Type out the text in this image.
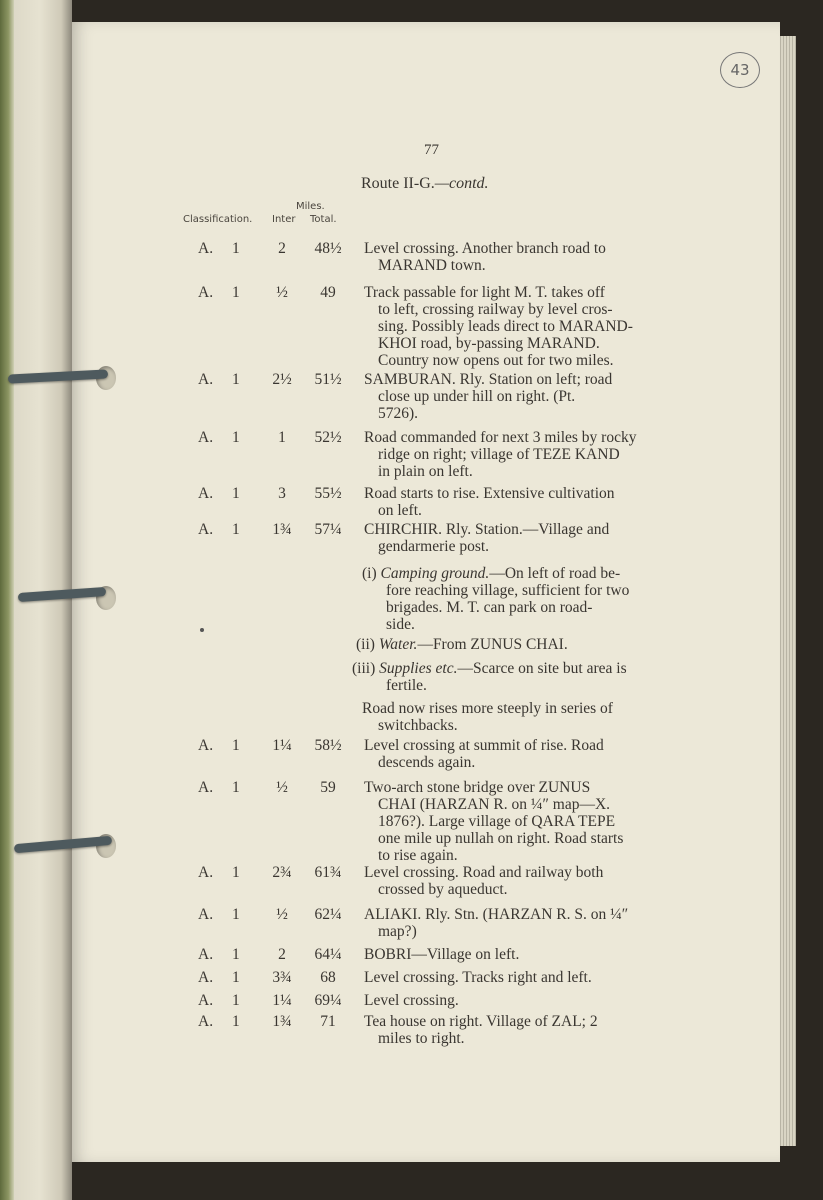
43
77
Route II-G.—contd.
Miles.
Classification. Inter Total.
A. 1	2	48½	Level crossing. Another branch road to
MARAND town.
A. 1	½	49	Track passable for light M. T. takes off
to left, crossing railway by level cros-
sing. Possibly leads direct to MARAND-
KHOI road, by-passing MARAND.
Country now opens out for two miles.
A. 1	2½	51½	SAMBURAN. Rly. Station on left; road
close up under hill on right. (Pt.
5726).
A. 1	1	52½	Road commanded for next 3 miles by rocky
ridge on right; village of TEZE KAND
in plain on left.
A. 1	3	55½	Road starts to rise. Extensive cultivation
on left.
A. 1	1¾	57¼	CHIRCHIR. Rly. Station.—Village and
gendarmerie post.
A. 1	1¼	58½	Level crossing at summit of rise. Road
descends again.
A. 1	½	59	Two-arch stone bridge over ZUNUS
CHAI (HARZAN R. on ¼″ map—X.
1876?). Large village of QARA TEPE
one mile up nullah on right. Road starts
to rise again.
A. 1	2¾	61¾	Level crossing. Road and railway both
crossed by aqueduct.
A. 1	½	62¼	ALIAKI. Rly. Stn. (HARZAN R. S. on ¼″
map?)
A. 1	2	64¼	BOBRI—Village on left.
A. 1	3¾	68	Level crossing. Tracks right and left.
A. 1	1¼	69¼	Level crossing.
A. 1	1¾	71	Tea house on right. Village of ZAL; 2
miles to right.
(i) Camping ground.—On left of road be-
fore reaching village, sufficient for two
brigades. M. T. can park on road-
side.
(ii) Water.—From ZUNUS CHAI.
(iii) Supplies etc.—Scarce on site but area is
fertile.
Road now rises more steeply in series of
switchbacks.
